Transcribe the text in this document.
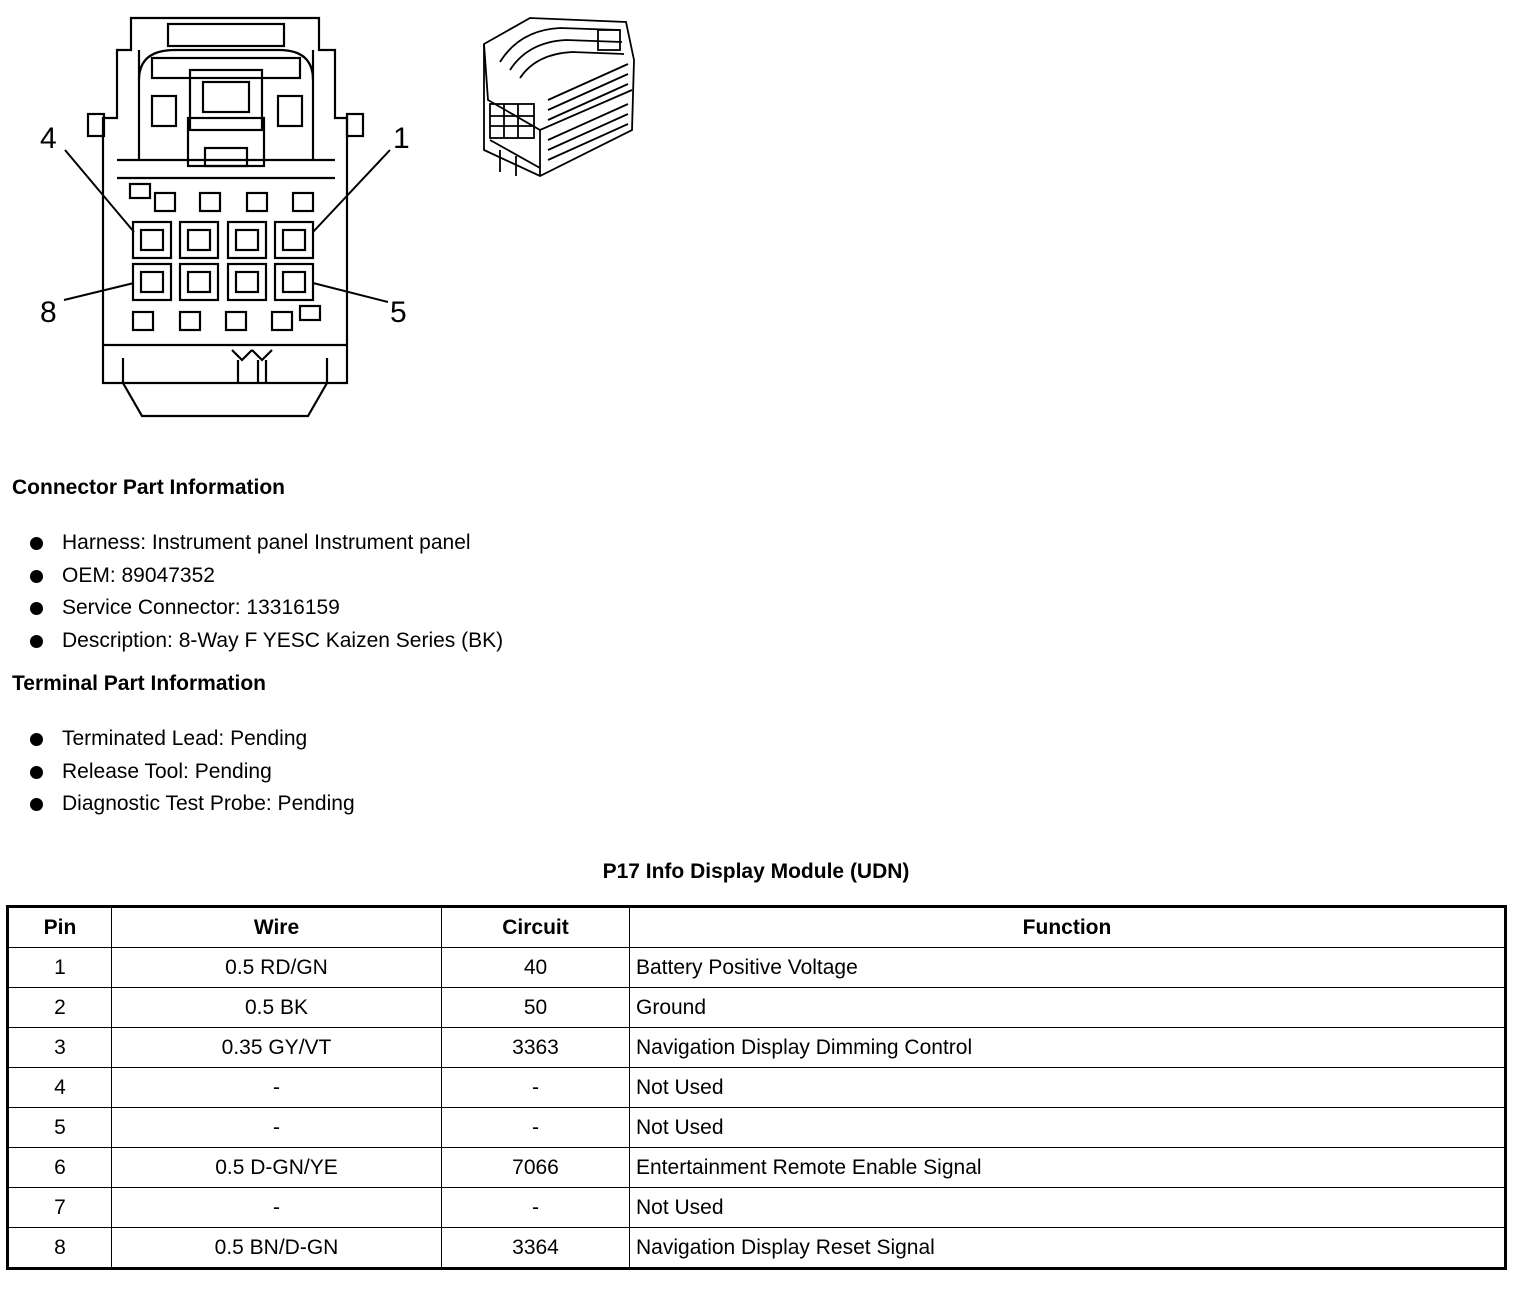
4	1
8	5
Connector Part Information
Harness: Instrument panel Instrument panel
OEM: 89047352
Service Connector: 13316159
Description: 8-Way F YESC Kaizen Series (BK)
Terminal Part Information
Terminated Lead: Pending
Release Tool: Pending
Diagnostic Test Probe: Pending
P17 Info Display Module (UDN)
Pin	Wire	Circuit	Function
1	0.5 RD/GN	40	Battery Positive Voltage
2	0.5 BK	50	Ground
3	0.35 GY/VT	3363	Navigation Display Dimming Control
4	-	-	Not Used
5	-	-	Not Used
6	0.5 D-GN/YE	7066	Entertainment Remote Enable Signal
7	-	-	Not Used
8	0.5 BN/D-GN	3364	Navigation Display Reset Signal
